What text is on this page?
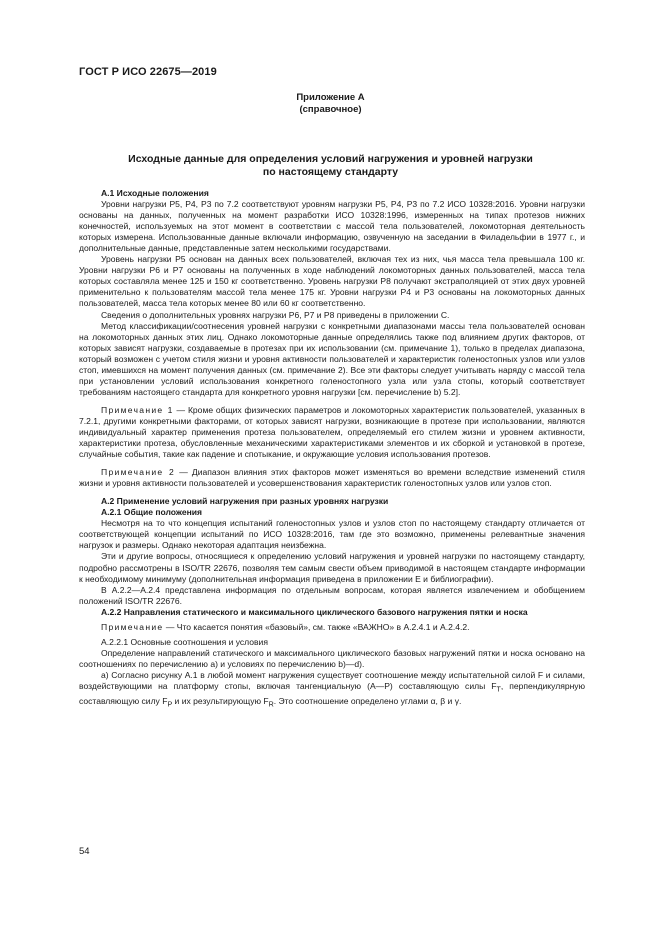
ГОСТ Р ИСО 22675—2019
Приложение А
(справочное)
Исходные данные для определения условий нагружения и уровней нагрузки
по настоящему стандарту

А.1 Исходные положения

Уровни нагрузки P5, P4, P3 по 7.2 соответствуют уровням нагрузки P5, P4, P3 по 7.2 ИСО 10328:2016. Уровни нагрузки основаны на данных, полученных на момент разработки ИСО 10328:1996, измеренных на типах протезов нижних конечностей, используемых на этот момент в соответствии с массой тела пользователей, локомоторная деятельность которых измерена. Использованные данные включали информацию, озвученную на заседании в Филадельфии в 1977 г., и дополнительные данные, представленные затем несколькими государствами.

Уровень нагрузки P5 основан на данных всех пользователей, включая тех из них, чья масса тела превышала 100 кг. Уровни нагрузки P6 и P7 основаны на полученных в ходе наблюдений локомоторных данных пользователей, масса тела которых составляла менее 125 и 150 кг соответственно. Уровень нагрузки P8 получают экстраполяцией от этих двух уровней применительно к пользователям массой тела менее 175 кг. Уровни нагрузки P4 и P3 основаны на локомоторных данных пользователей, масса тела которых менее 80 или 60 кг соответственно.

Сведения о дополнительных уровнях нагрузки P6, P7 и P8 приведены в приложении С.

Метод классификации/соотнесения уровней нагрузки с конкретными диапазонами массы тела пользователей основан на локомоторных данных этих лиц. Однако локомоторные данные определялись также под влиянием других факторов, от которых зависят нагрузки, создаваемые в протезах при их использовании (см. примечание 1), только в пределах диапазона, который возможен с учетом стиля жизни и уровня активности пользователей и характеристик голеностопных узлов или узлов стоп, имевшихся на момент получения данных (см. примечание 2). Все эти факторы следует учитывать наряду с массой тела при установлении условий использования конкретного голеностопного узла или узла стопы, который соответствует требованиям настоящего стандарта для конкретного уровня нагрузки [см. перечисление b) 5.2].

Примечание 1 — Кроме общих физических параметров и локомоторных характеристик пользователей, указанных в 7.2.1, другими конкретными факторами, от которых зависят нагрузки, возникающие в протезе при использовании, являются индивидуальный характер применения протеза пользователем, определяемый его стилем жизни и уровнем активности, характеристики протеза, обусловленные механическими характеристиками элементов и их сборкой и установкой в протезе, случайные события, такие как падение и спотыкание, и окружающие условия использования протезов.

Примечание 2 — Диапазон влияния этих факторов может изменяться во времени вследствие изменений стиля жизни и уровня активности пользователей и усовершенствования характеристик голеностопных узлов или узлов стоп.

А.2 Применение условий нагружения при разных уровнях нагрузки

А.2.1 Общие положения

Несмотря на то что концепция испытаний голеностопных узлов и узлов стоп по настоящему стандарту отличается от соответствующей концепции испытаний по ИСО 10328:2016, там где это возможно, применены релевантные значения нагрузок и размеры. Однако некоторая адаптация неизбежна.

Эти и другие вопросы, относящиеся к определению условий нагружения и уровней нагрузки по настоящему стандарту, подробно рассмотрены в ISO/TR 22676, позволяя тем самым свести объем приводимой в настоящем стандарте информации к необходимому минимуму (дополнительная информация приведена в приложении Е и библиографии).

В А.2.2—А.2.4 представлена информация по отдельным вопросам, которая является извлечением и обобщением положений ISO/TR 22676.

А.2.2 Направления статического и максимального циклического базового нагружения пятки и носка

Примечание — Что касается понятия «базовый», см. также «ВАЖНО» в А.2.4.1 и А.2.4.2.

А.2.2.1 Основные соотношения и условия

Определение направлений статического и максимального циклического базовых нагружений пятки и носка основано на соотношениях по перечислению а) и условиях по перечислению b)—d).

a) Согласно рисунку А.1 в любой момент нагружения существует соотношение между испытательной силой F и силами, воздействующими на платформу стопы, включая тангенциальную (А—Р) составляющую силы $F_T$, перпендикулярную составляющую силу $F_P$ и их результирующую $F_R$. Это соотношение определено углами α, β и γ.

54
